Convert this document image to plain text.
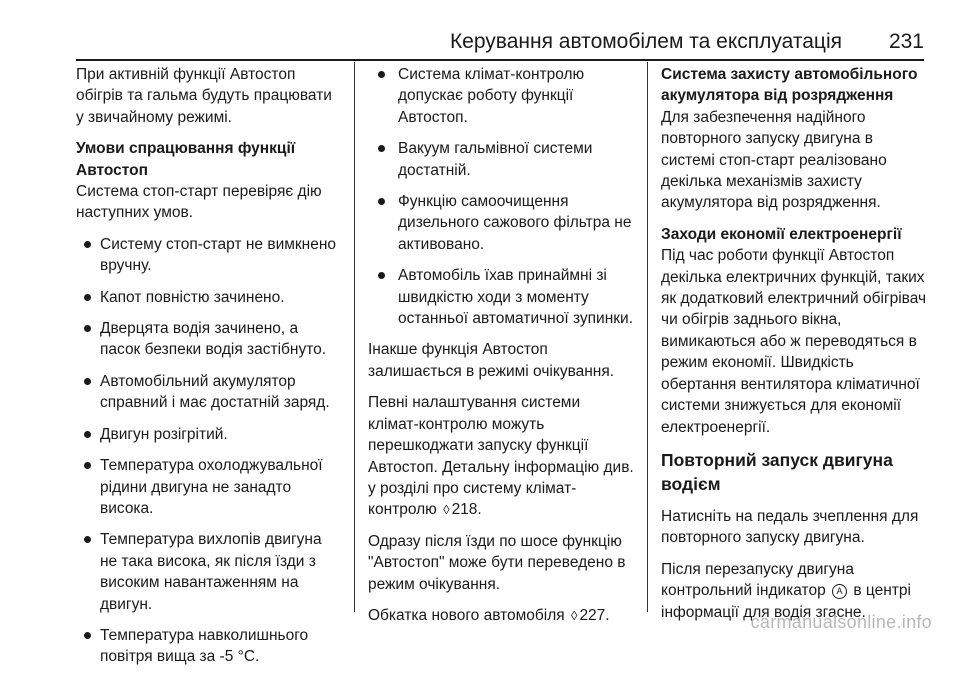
Керування автомобілем та експлуатація 231

При активній функції Автостоп обігрів та гальма будуть працювати у звичайному режимі.

Умови спрацювання функції Автостоп

Система стоп-старт перевіряє дію наступних умов.

Систему стоп-старт не вимкнено вручну.
Капот повністю зачинено.
Дверцята водія зачинено, а пасок безпеки водія застібнуто.
Автомобільний акумулятор справний і має достатній заряд.
Двигун розігрітий.
Температура охолоджувальної рідини двигуна не занадто висока.
Температура вихлопів двигуна не така висока, як після їзди з високим навантаженням на двигун.
Температура навколишнього повітря вища за -5 °C.
Система клімат-контролю допускає роботу функції Автостоп.
Вакуум гальмівної системи достатній.
Функцію самоочищення дизельного сажового фільтра не активовано.
Автомобіль їхав принаймні зі швидкістю ходи з моменту останньої автоматичної зупинки.

Інакше функція Автостоп залишається в режимі очікування.

Певні налаштування системи клімат-контролю можуть перешкоджати запуску функції Автостоп. Детальну інформацію див. у розділі про систему клімат-контролю ◊ 218.

Одразу після їзди по шосе функцію "Автостоп" може бути переведено в режим очікування.

Обкатка нового автомобіля ◊ 227.

Система захисту автомобільного акумулятора від розрядження

Для забезпечення надійного повторного запуску двигуна в системі стоп-старт реалізовано декілька механізмів захисту акумулятора від розрядження.

Заходи економії електроенергії

Під час роботи функції Автостоп декілька електричних функцій, таких як додатковий електричний обігрівач чи обігрів заднього вікна, вимикаються або ж переводяться в режим економії. Швидкість обертання вентилятора кліматичної системи знижується для економії електроенергії.

Повторний запуск двигуна водієм

Натисніть на педаль зчеплення для повторного запуску двигуна.

Після перезапуску двигуна контрольний індикатор A в центрі інформації для водія згасне.

carmanualsonline.info
